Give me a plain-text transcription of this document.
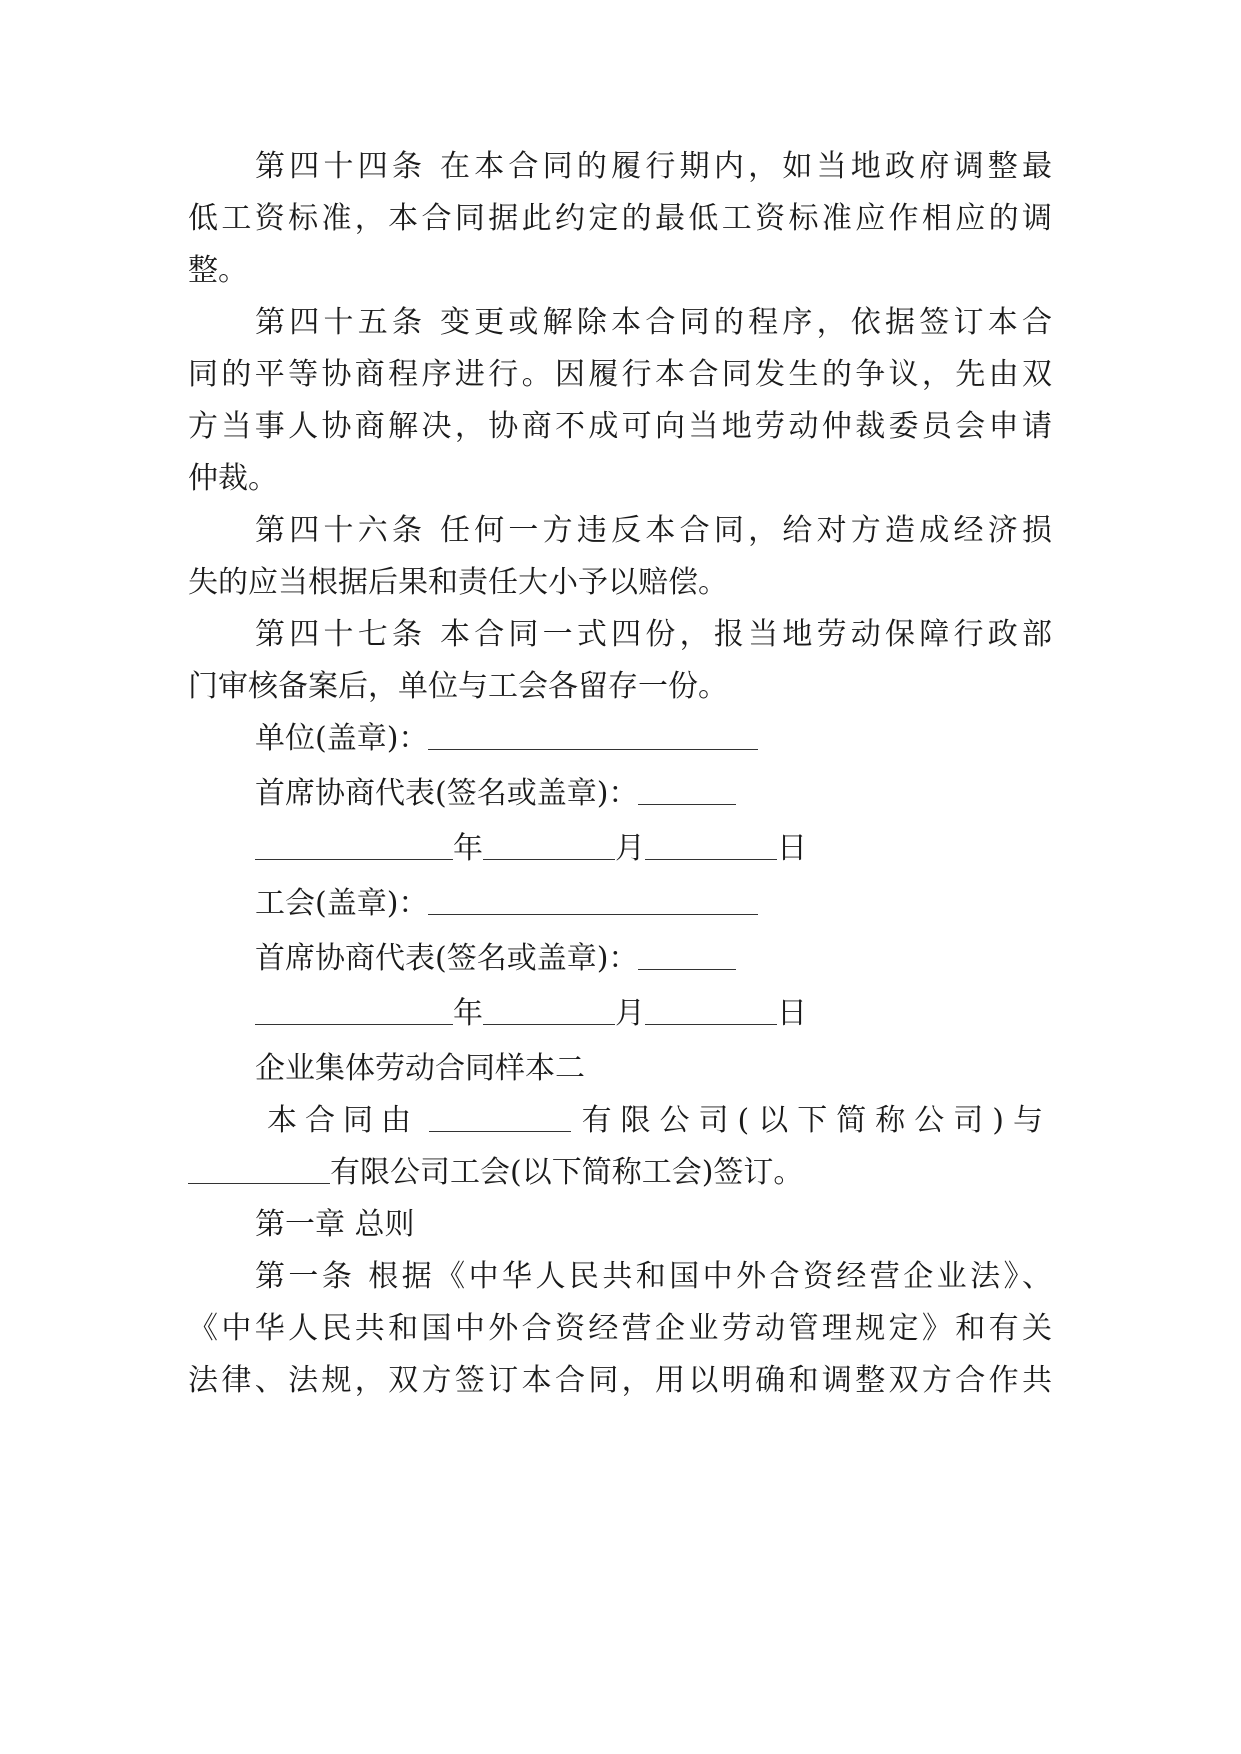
第四十四条 在本合同的履行期内，如当地政府调整最
低工资标准，本合同据此约定的最低工资标准应作相应的调
整。
第四十五条 变更或解除本合同的程序，依据签订本合
同的平等协商程序进行。因履行本合同发生的争议，先由双
方当事人协商解决，协商不成可向当地劳动仲裁委员会申请
仲裁。
第四十六条 任何一方违反本合同，给对方造成经济损
失的应当根据后果和责任大小予以赔偿。
第四十七条 本合同一式四份，报当地劳动保障行政部
门审核备案后，单位与工会各留存一份。
单位(盖章)：
首席协商代表(签名或盖章)：
年	月	日
工会(盖章)：
首席协商代表(签名或盖章)：
年	月	日
企业集体劳动合同样本二
本合同由	有限公司(以下简称公司)与
有限公司工会(以下简称工会)签订。
第一章 总则
第一条 根据《中华人民共和国中外合资经营企业法》、
《中华人民共和国中外合资经营企业劳动管理规定》和有关
法律、法规，双方签订本合同，用以明确和调整双方合作共
